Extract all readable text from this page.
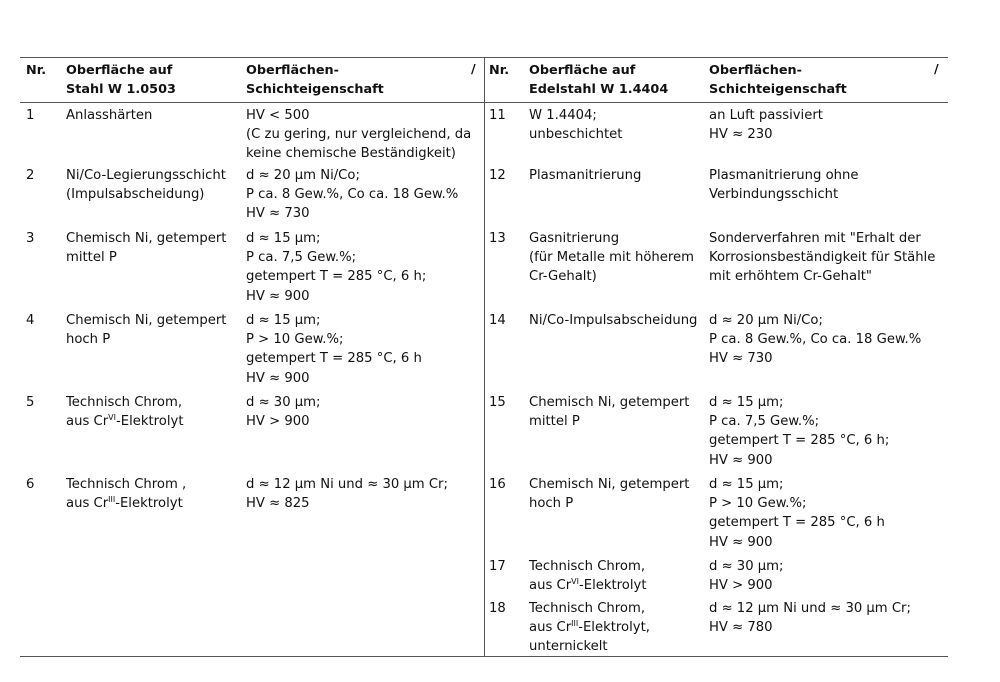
Nr. Oberfläche auf
Stahl W 1.0503
Oberflächen-
Schichteigenschaft
/ Nr. Oberfläche auf
Edelstahl W 1.4404
Oberflächen-
Schichteigenschaft
/
1 Anlasshärten	HV < 500
(C zu gering, nur vergleichend, da
keine chemische Beständigkeit)
2 Ni/Co-Legierungsschicht
(Impulsabscheidung)
d ≈ 20 µm Ni/Co;
P ca. 8 Gew.%, Co ca. 18 Gew.%
HV ≈ 730
3 Chemisch Ni, getempert
mittel P
d ≈ 15 µm;
P ca. 7,5 Gew.%;
getempert T = 285 °C, 6 h;
HV ≈ 900
4 Chemisch Ni, getempert
hoch P
d ≈ 15 µm;
P > 10 Gew.%;
getempert T = 285 °C, 6 h
HV ≈ 900
5 Technisch Chrom,
aus $Cr^{VI}$-Elektrolyt
d ≈ 30 µm;
HV > 900
6 Technisch Chrom ,
aus $Cr^{III}$-Elektrolyt
d ≈ 12 µm Ni und ≈ 30 µm Cr;
HV ≈ 825
11 W 1.4404;
unbeschichtet
an Luft passiviert
HV ≈ 230
12 Plasmanitrierung	Plasmanitrierung ohne
Verbindungsschicht
13 Gasnitrierung
(für Metalle mit höherem
Cr-Gehalt)
Sonderverfahren mit "Erhalt der
Korrosionsbeständigkeit für Stähle
mit erhöhtem Cr-Gehalt"
14 Ni/Co-Impulsabscheidung d ≈ 20 µm Ni/Co;
P ca. 8 Gew.%, Co ca. 18 Gew.%
HV ≈ 730
15 Chemisch Ni, getempert
mittel P
d ≈ 15 µm;
P ca. 7,5 Gew.%;
getempert T = 285 °C, 6 h;
HV ≈ 900
16 Chemisch Ni, getempert
hoch P
d ≈ 15 µm;
P > 10 Gew.%;
getempert T = 285 °C, 6 h
HV ≈ 900
17 Technisch Chrom,
aus $Cr^{VI}$-Elektrolyt
d ≈ 30 µm;
HV > 900
18 Technisch Chrom,
aus $Cr^{III}$-Elektrolyt,
unternickelt
d ≈ 12 µm Ni und ≈ 30 µm Cr;
HV ≈ 780
